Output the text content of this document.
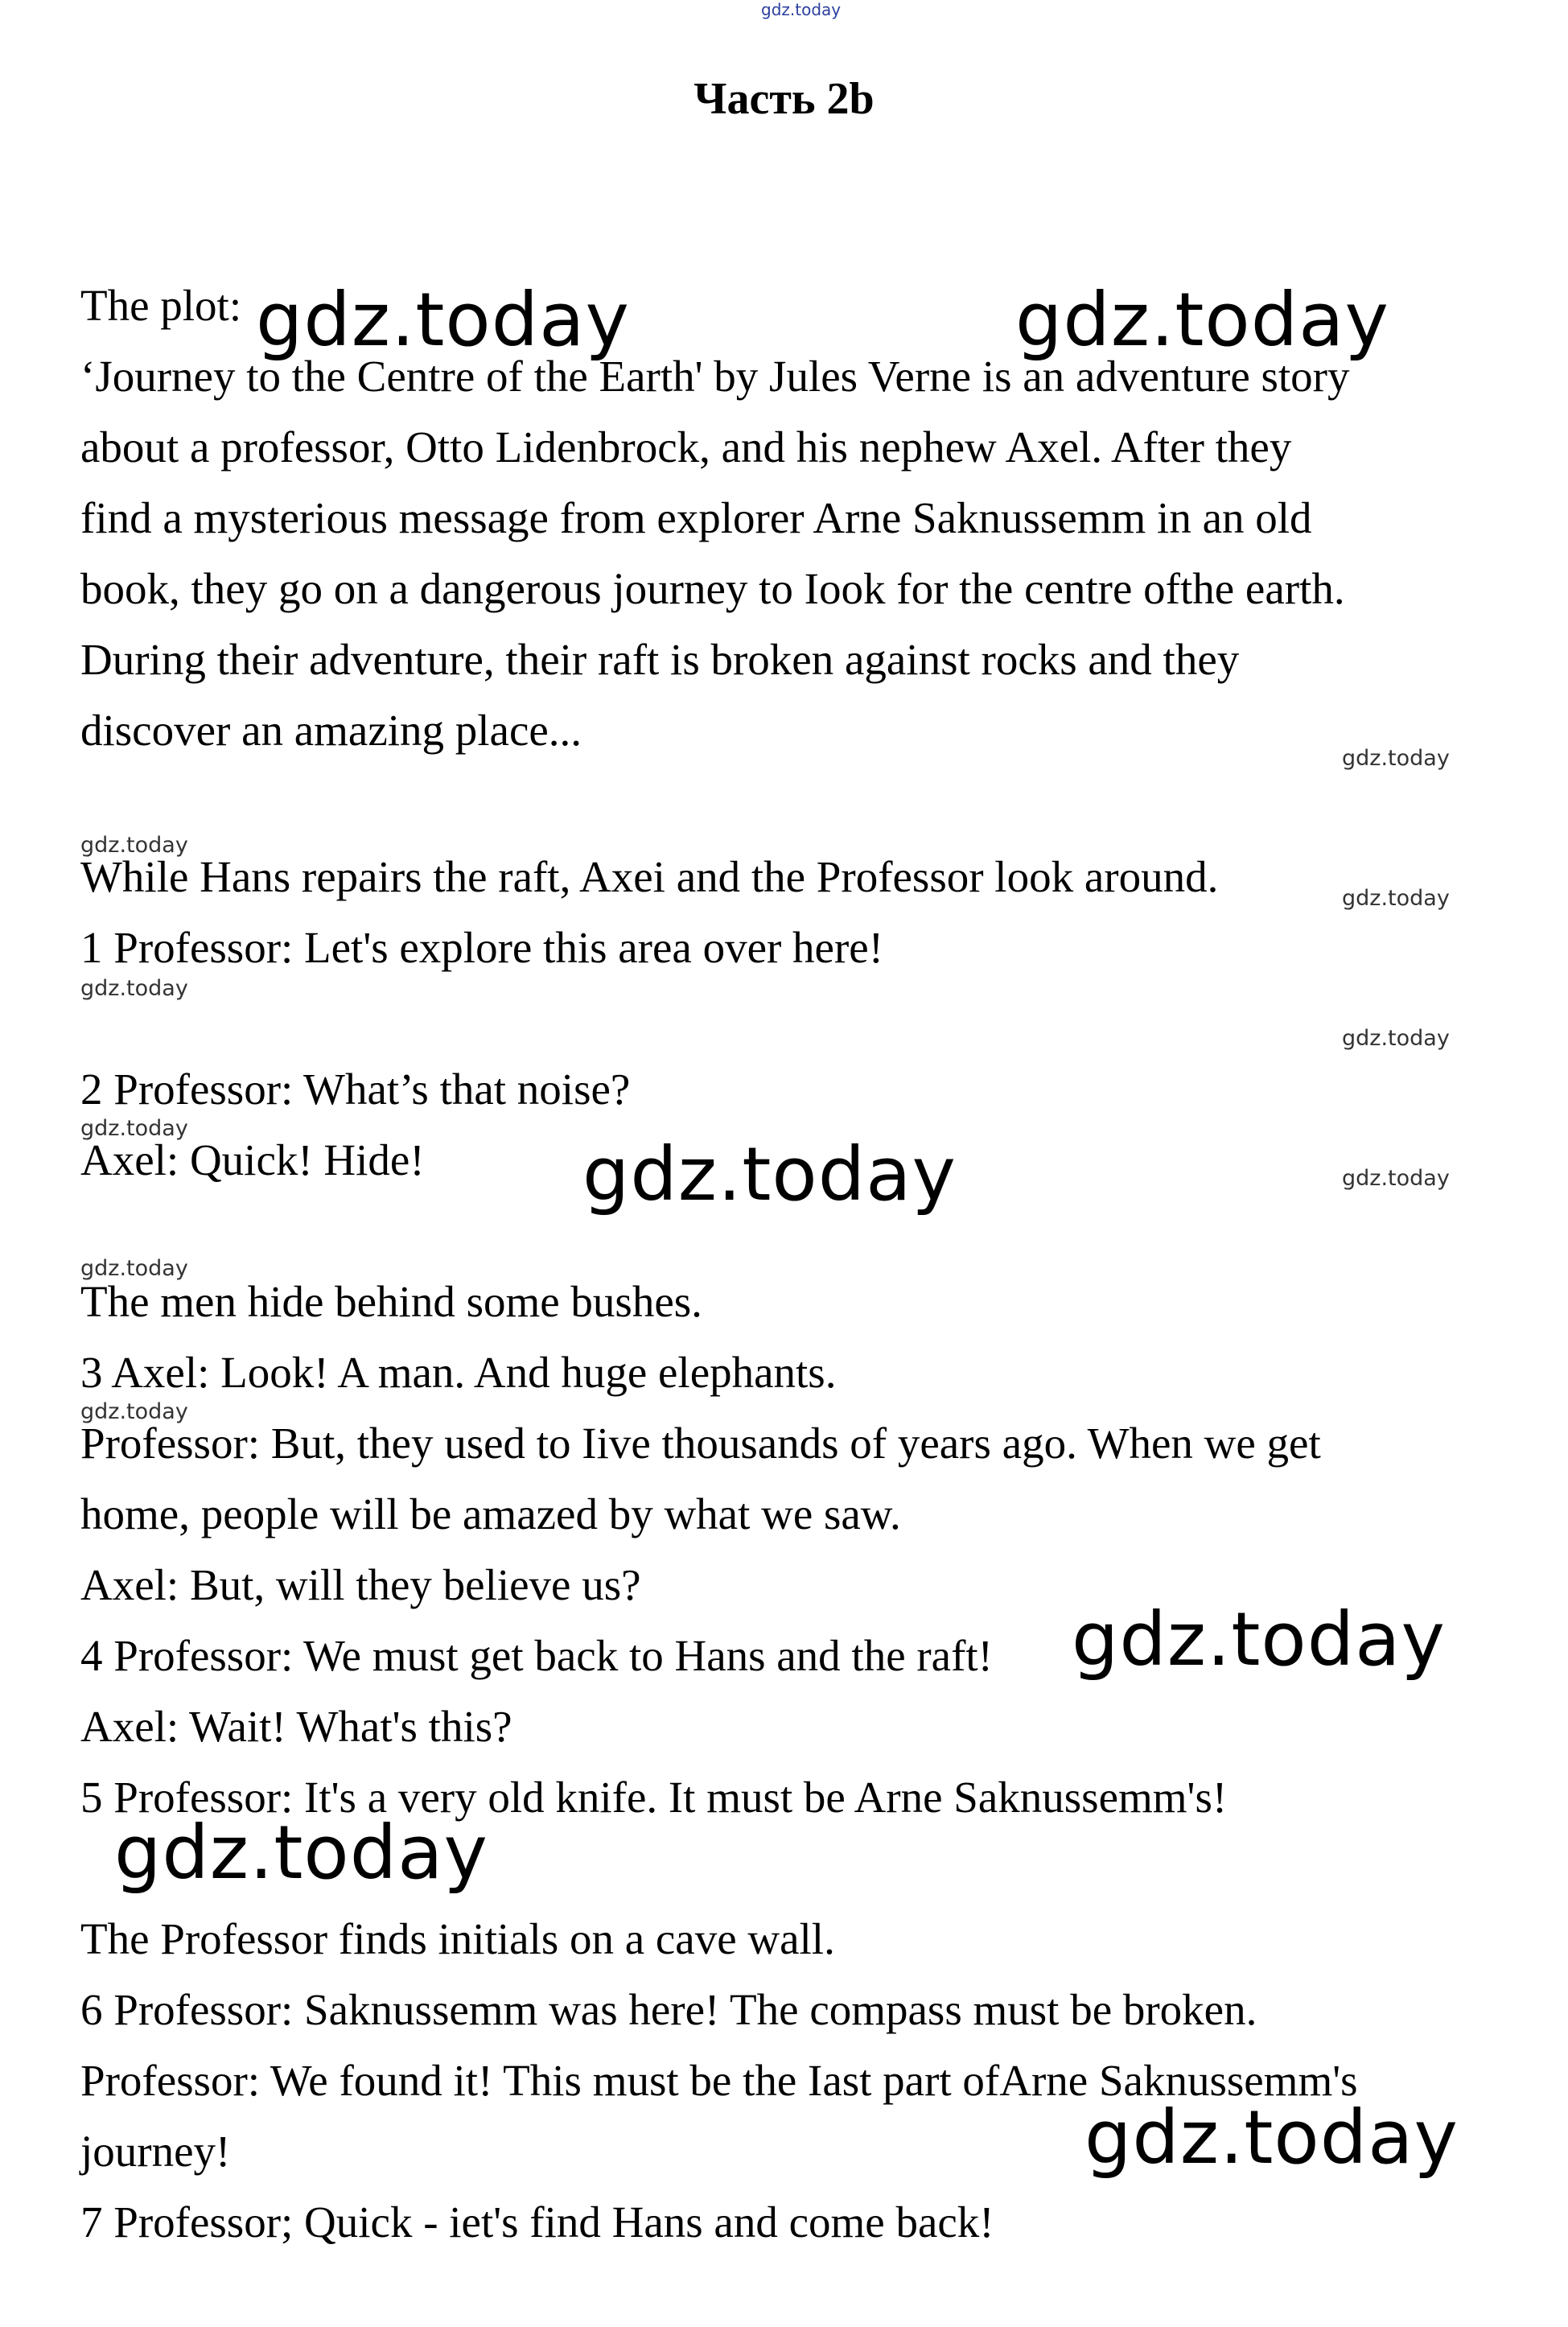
gdz.today
Часть 2b
The plot:
‘Journey to the Centre of the Earth' by Jules Verne is an adventure story
about a professor, Otto Lidenbrock, and his nephew Axel. After they
find a mysterious message from explorer Arne Saknussemm in an old
book, they go on a dangerous journey to Iook for the centre ofthe earth.
During their adventure, their raft is broken against rocks and they
discover an amazing place...
While Hans repairs the raft, Axei and the Professor look around.
1 Professor: Let's explore this area over here!
2 Professor: What’s that noise?
Axel: Quick! Hide!
The men hide behind some bushes.
3 Axel: Look! A man. And huge elephants.
Professor: But, they used to Iive thousands of years ago. When we get
home, people will be amazed by what we saw.
Axel: But, will they believe us?
4 Professor: We must get back to Hans and the raft!
Axel: Wait! What's this?
5 Professor: It's a very old knife. It must be Arne Saknussemm's!
The Professor finds initials on a cave wall.
6 Professor: Saknussemm was here! The compass must be broken.
Professor: We found it! This must be the Iast part ofArne Saknussemm's
journey!
7 Professor; Quick - iet's find Hans and come back!
gdz.today	gdz.today
gdz.today
gdz.today
gdz.today
gdz.today
gdz.today
gdz.today
gdz.today
gdz.today
gdz.today
gdz.today
gdz.today
gdz.today
gdz.today
